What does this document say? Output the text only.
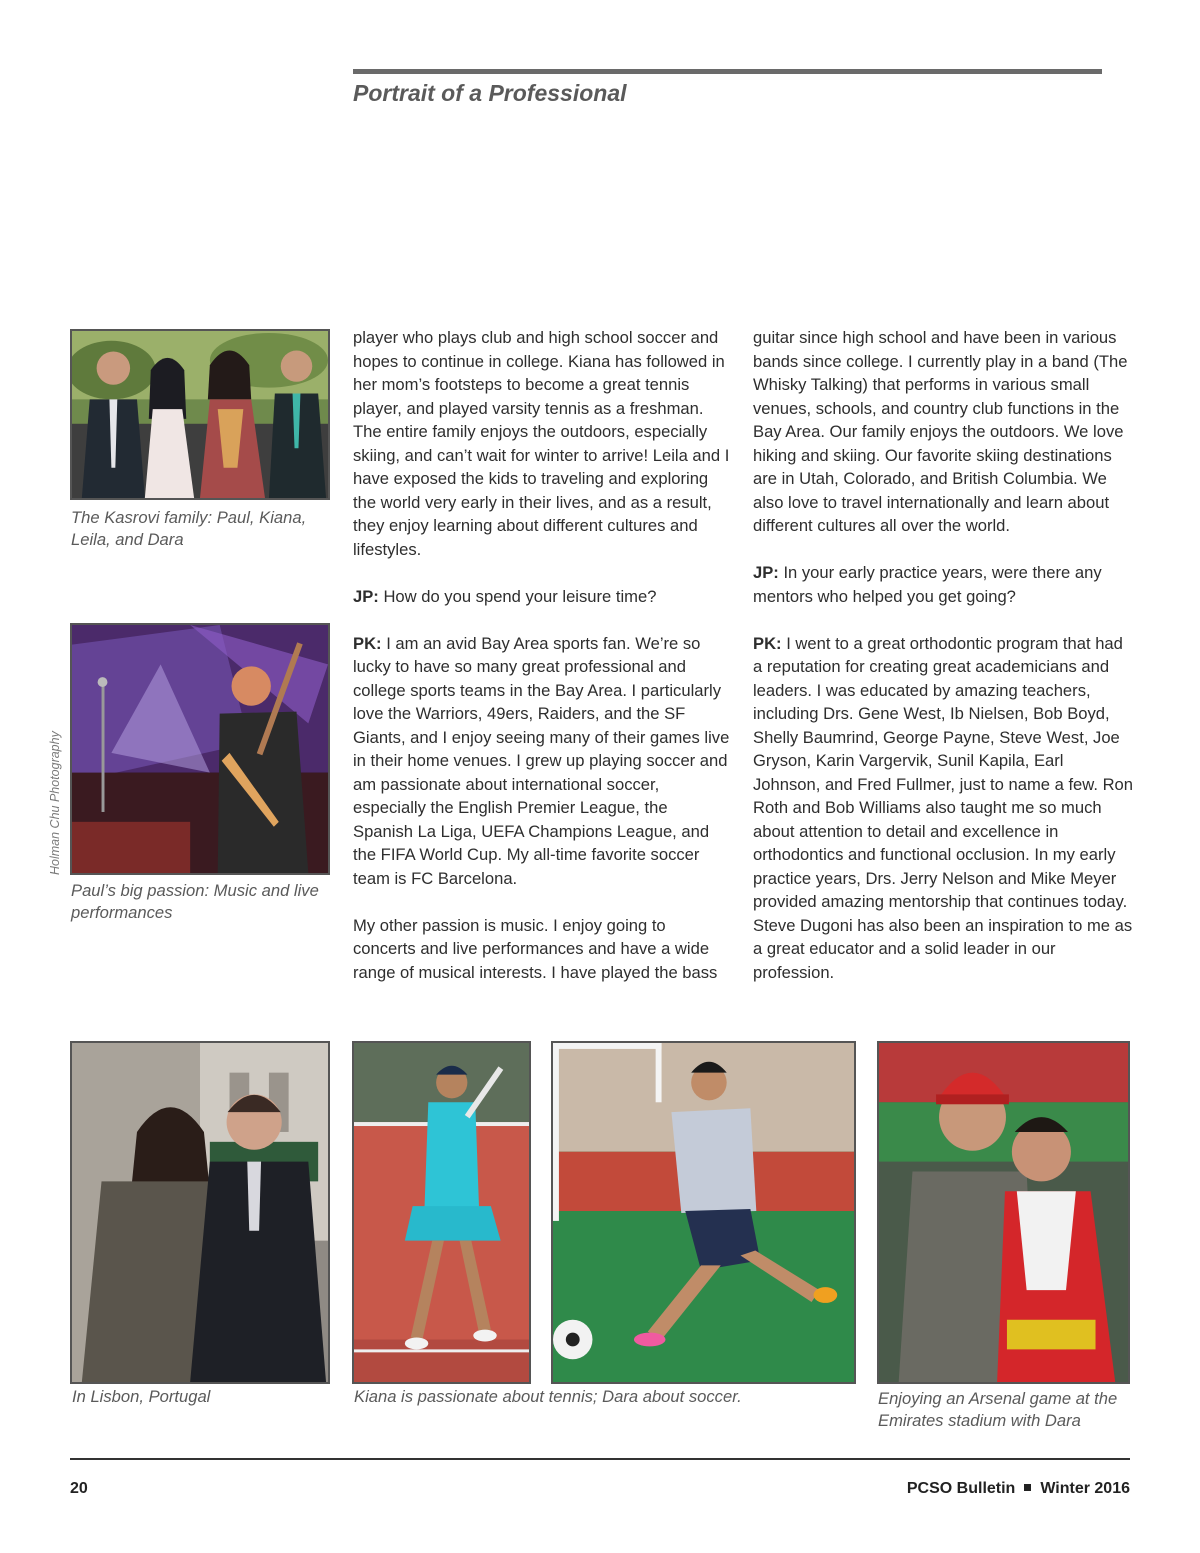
Portrait of a Professional
The Kasrovi family: Paul, Kiana, Leila, and Dara
Paul’s big passion: Music and live performances
Holman Chu Photography

player who plays club and high school soccer and hopes to continue in college. Kiana has followed in her mom’s footsteps to become a great tennis player, and played varsity tennis as a freshman. The entire family enjoys the outdoors, especially skiing, and can’t wait for winter to arrive! Leila and I have exposed the kids to traveling and exploring the world very early in their lives, and as a result, they enjoy learning about different cultures and lifestyles.

JP: How do you spend your leisure time?

PK: I am an avid Bay Area sports fan. We’re so lucky to have so many great professional and college sports teams in the Bay Area. I particularly love the Warriors, 49ers, Raiders, and the SF Giants, and I enjoy seeing many of their games live in their home venues. I grew up playing soccer and am passionate about international soccer, especially the English Premier League, the Spanish La Liga, UEFA Champions League, and the FIFA World Cup. My all-time favorite soccer team is FC Barcelona.

My other passion is music. I enjoy going to concerts and live performances and have a wide range of musical interests. I have played the bass

guitar since high school and have been in various bands since college. I currently play in a band (The Whisky Talking) that performs in various small venues, schools, and country club functions in the Bay Area. Our family enjoys the outdoors. We love hiking and skiing. Our favorite skiing destinations are in Utah, Colorado, and British Columbia. We also love to travel internationally and learn about different cultures all over the world.

JP: In your early practice years, were there any mentors who helped you get going?

PK: I went to a great orthodontic program that had a reputation for creating great academicians and leaders. I was educated by amazing teachers, including Drs. Gene West, Ib Nielsen, Bob Boyd, Shelly Baumrind, George Payne, Steve West, Joe Gryson, Karin Vargervik, Sunil Kapila, Earl Johnson, and Fred Fullmer, just to name a few. Ron Roth and Bob Williams also taught me so much about attention to detail and excellence in orthodontics and functional occlusion. In my early practice years, Drs. Jerry Nelson and Mike Meyer provided amazing mentorship that continues today. Steve Dugoni has also been an inspiration to me as a great educator and a solid leader in our profession.

In Lisbon, Portugal	Kiana is passionate about tennis; Dara about soccer.	Enjoying an Arsenal game at the Emirates stadium with Dara
20	PCSO Bulletin Winter 2016
